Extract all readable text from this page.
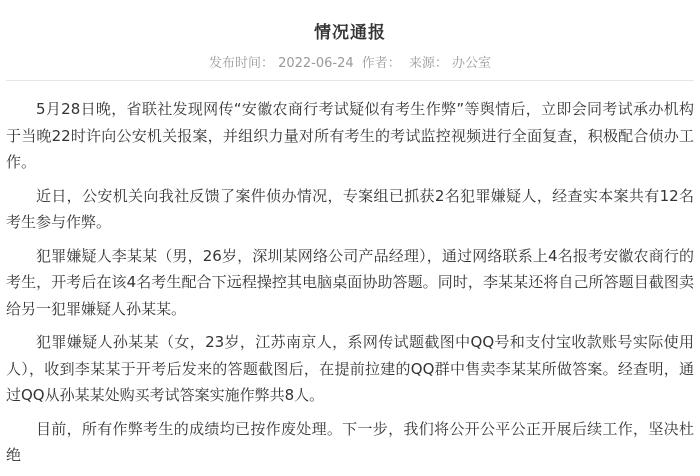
情况通报
发布时间： 2022-06-24 作者： 来源： 办公室

5月28日晚，省联社发现网传“安徽农商行考试疑似有考生作弊”等舆情后，立即会同考试承办机构于当晚22时许向公安机关报案，并组织力量对所有考生的考试监控视频进行全面复查，积极配合侦办工作。

近日，公安机关向我社反馈了案件侦办情况，专案组已抓获2名犯罪嫌疑人，经查实本案共有12名考生参与作弊。

犯罪嫌疑人李某某（男，26岁，深圳某网络公司产品经理），通过网络联系上4名报考安徽农商行的考生，开考后在该4名考生配合下远程操控其电脑桌面协助答题。同时，李某某还将自己所答题目截图卖给另一犯罪嫌疑人孙某某。

犯罪嫌疑人孙某某（女，23岁，江苏南京人，系网传试题截图中QQ号和支付宝收款账号实际使用人），收到李某某于开考后发来的答题截图后，在提前拉建的QQ群中售卖李某某所做答案。经查明，通过QQ从孙某某处购买考试答案实施作弊共8人。

目前，所有作弊考生的成绩均已按作废处理。下一步，我们将公开公平公正开展后续工作，坚决杜绝
